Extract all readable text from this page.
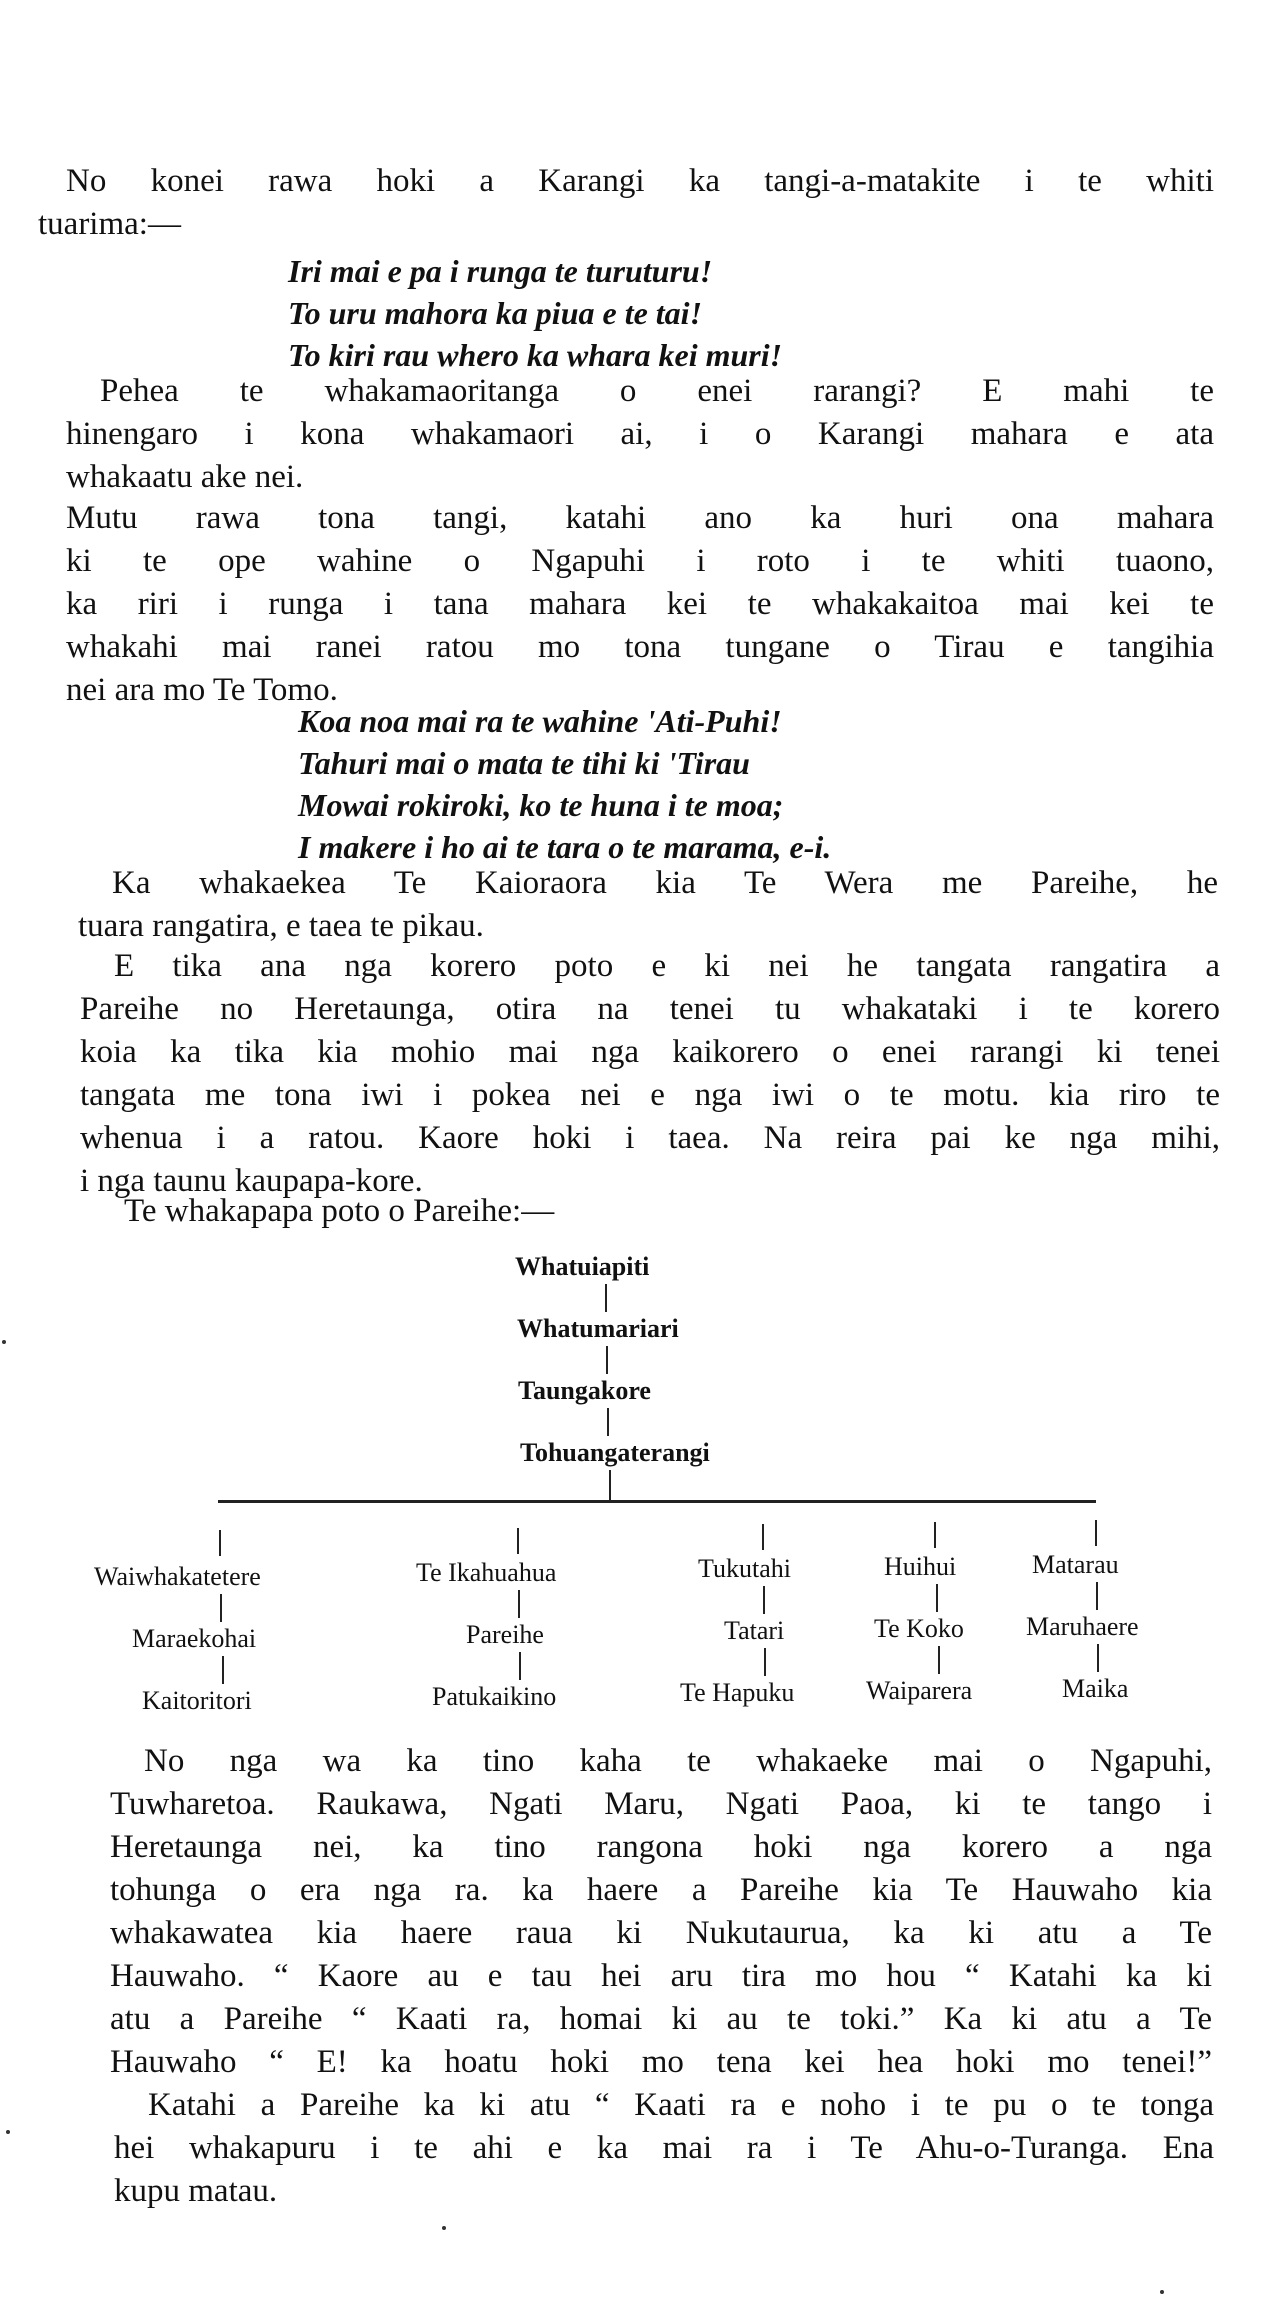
No konei rawa hoki a Karangi ka tangi-a-matakite i te whiti
tuarima:—
Iri mai e pa i runga te turuturu!
To uru mahora ka piua e te tai!
To kiri rau whero ka whara kei muri!
Pehea te whakamaoritanga o enei rarangi? E mahi te
hinengaro i kona whakamaori ai, i o Karangi mahara e ata
whakaatu ake nei.
Mutu rawa tona tangi, katahi ano ka huri ona mahara
ki te ope wahine o Ngapuhi i roto i te whiti tuaono,
ka riri i runga i tana mahara kei te whakakaitoa mai kei te
whakahi mai ranei ratou mo tona tungane o Tirau e tangihia
nei ara mo Te Tomo.
Koa noa mai ra te wahine 'Ati-Puhi!
Tahuri mai o mata te tihi ki 'Tirau
Mowai rokiroki, ko te huna i te moa;
I makere i ho ai te tara o te marama, e-i.
Ka whakaekea Te Kaioraora kia Te Wera me Pareihe, he
tuara rangatira, e taea te pikau.
E tika ana nga korero poto e ki nei he tangata rangatira a
Pareihe no Heretaunga, otira na tenei tu whakataki i te korero
koia ka tika kia mohio mai nga kaikorero o enei rarangi ki tenei
tangata me tona iwi i pokea nei e nga iwi o te motu. kia riro te
whenua i a ratou. Kaore hoki i taea. Na reira pai ke nga mihi,
i nga taunu kaupapa-kore.
Te whakapapa poto o Pareihe:—
Whatuiapiti
Whatumariari
Taungakore
Tohuangaterangi
Waiwhakatetere
Maraekohai
Kaitoritori
Te Ikahuahua
Pareihe
Patukaikino
Tukutahi
Tatari
Te Hapuku
Huihui
Te Koko
Waiparera
Matarau
Maruhaere
Maika
No nga wa ka tino kaha te whakaeke mai o Ngapuhi,
Tuwharetoa. Raukawa, Ngati Maru, Ngati Paoa, ki te tango i
Heretaunga nei, ka tino rangona hoki nga korero a nga
tohunga o era nga ra. ka haere a Pareihe kia Te Hauwaho kia
whakawatea kia haere raua ki Nukutaurua, ka ki atu a Te
Hauwaho. “ Kaore au e tau hei aru tira mo hou “ Katahi ka ki
atu a Pareihe “ Kaati ra, homai ki au te toki.” Ka ki atu a Te
Hauwaho “ E! ka hoatu hoki mo tena kei hea hoki mo tenei!”
Katahi a Pareihe ka ki atu “ Kaati ra e noho i te pu o te tonga
hei whakapuru i te ahi e ka mai ra i Te Ahu-o-Turanga. Ena
kupu matau.
